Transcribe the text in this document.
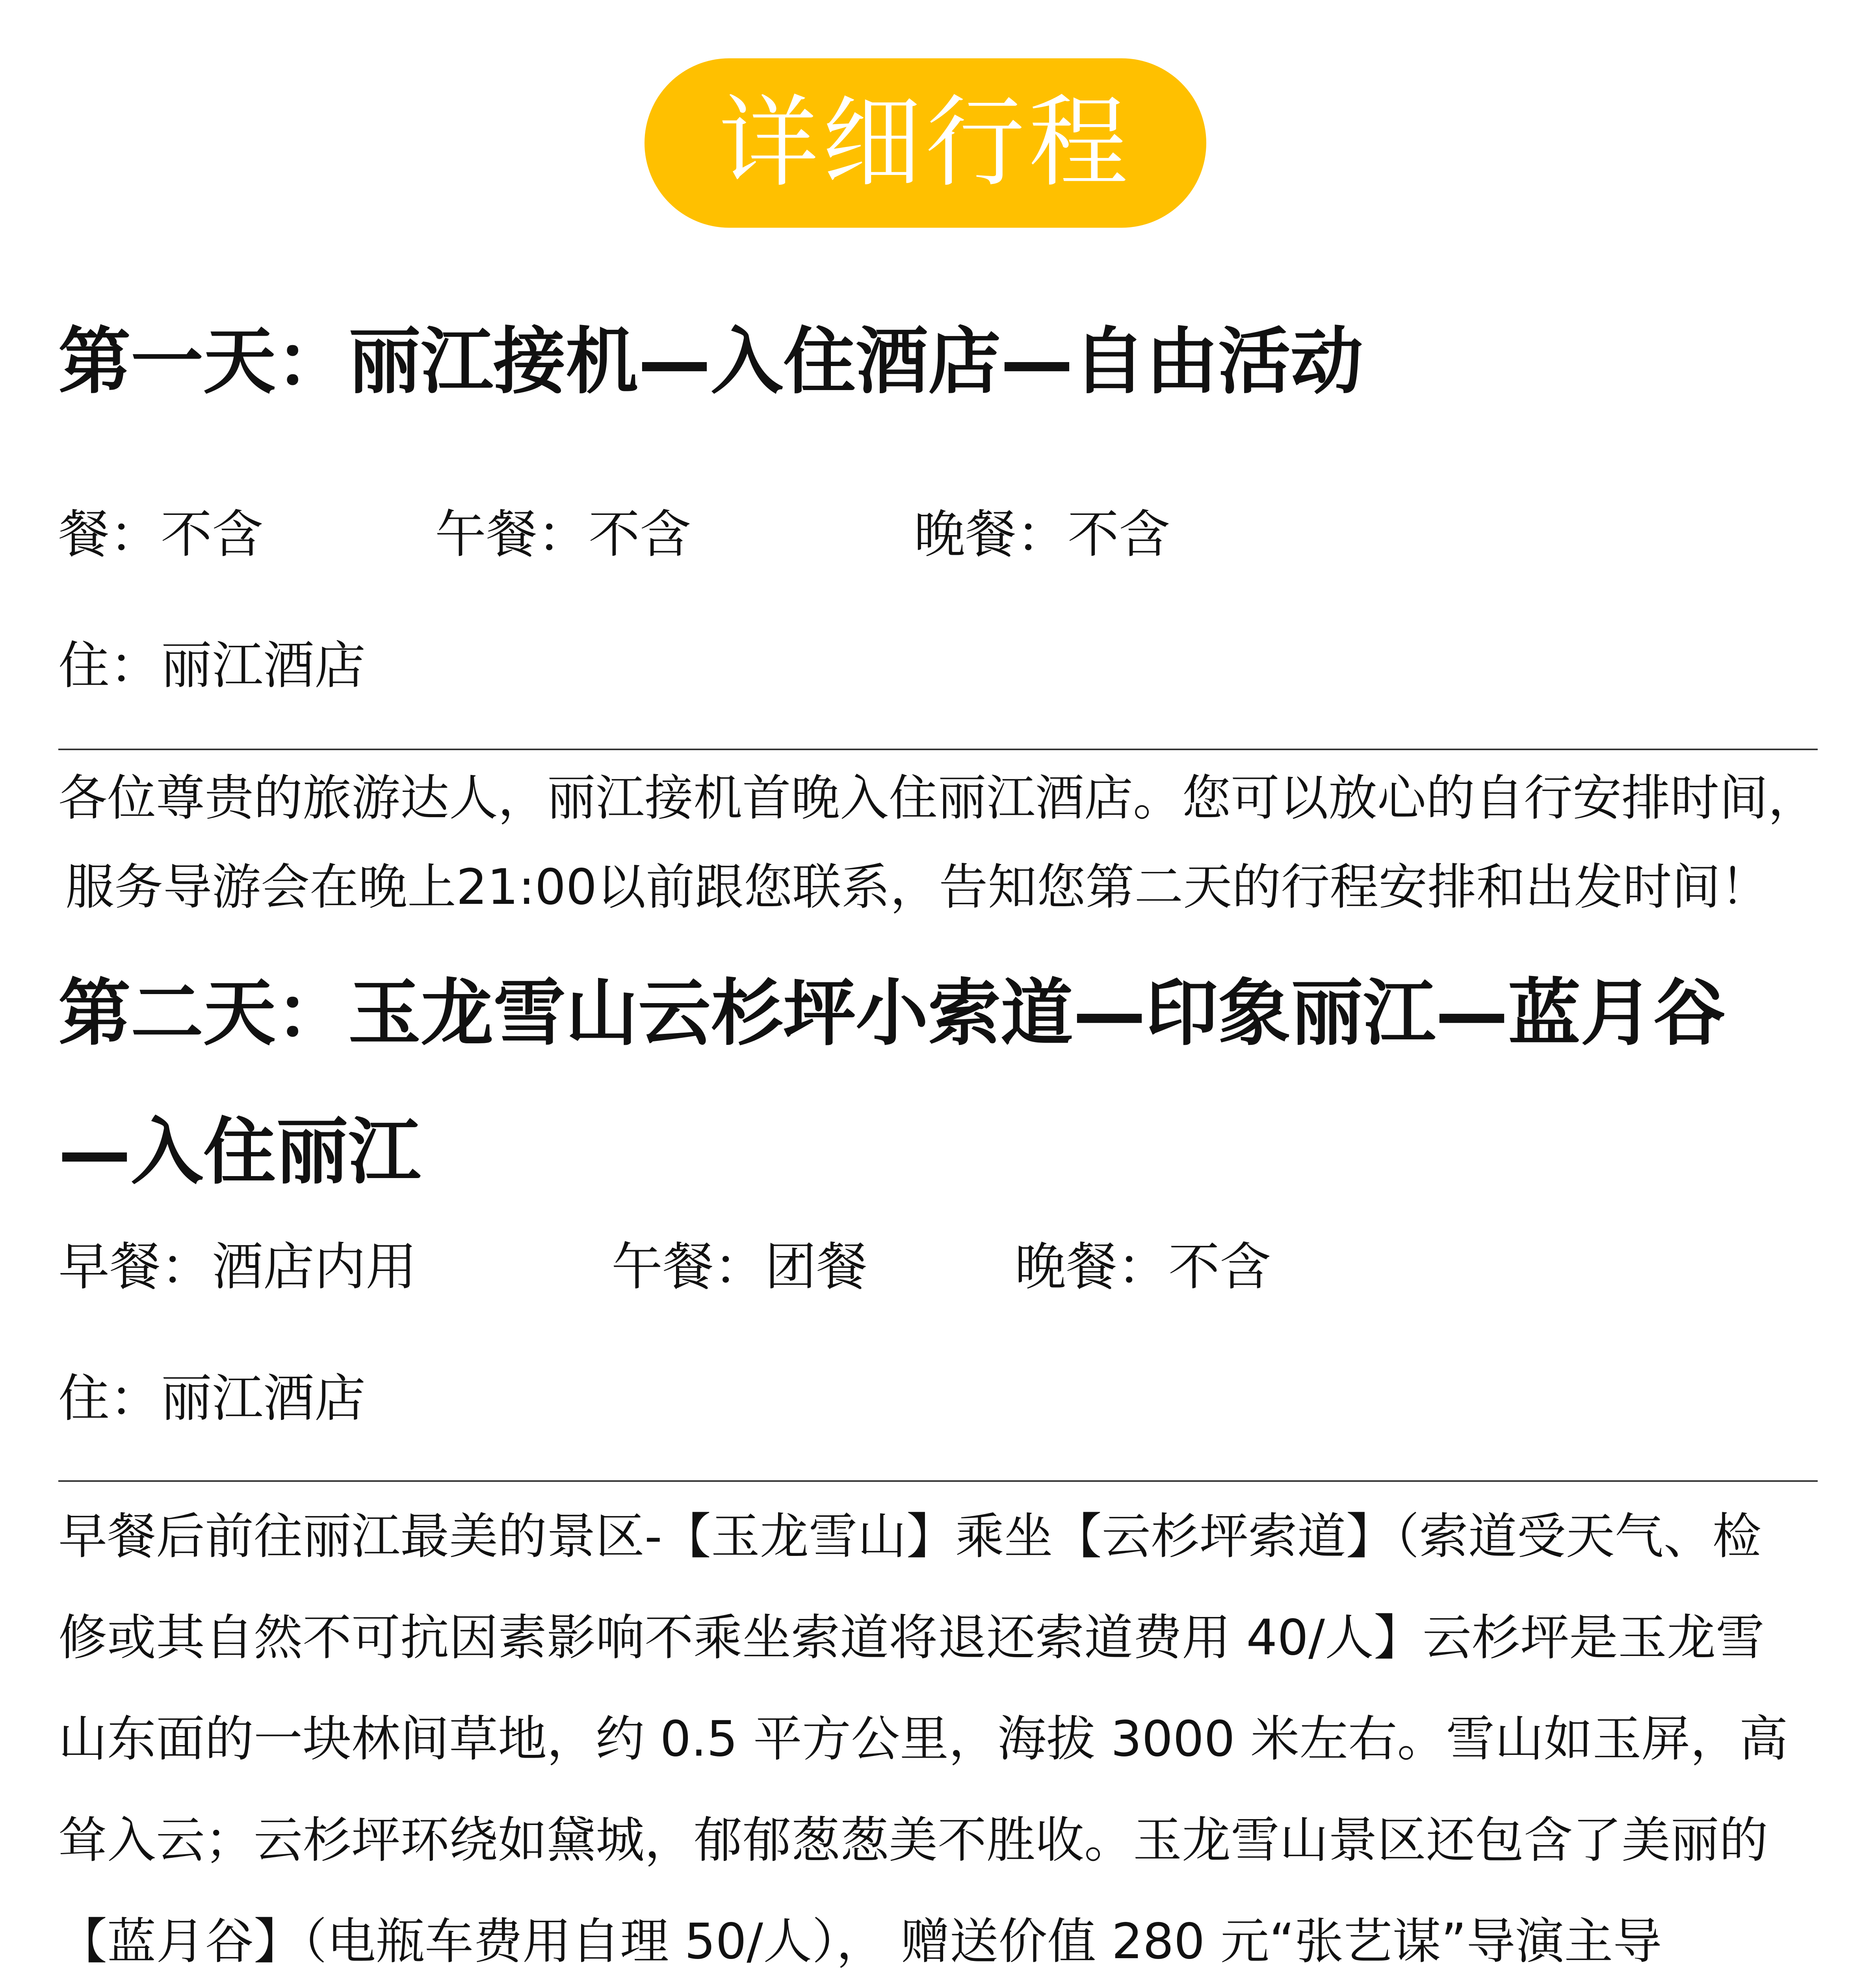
详细行程
第一天：丽江接机—入住酒店—自由活动
餐：不含	午餐：不含	晚餐：不含
住：丽江酒店
各位尊贵的旅游达人，丽江接机首晚入住丽江酒店。您可以放心的自行安排时间，
服务导游会在晚上21:00以前跟您联系，告知您第二天的行程安排和出发时间！
第二天：玉龙雪山云杉坪小索道—印象丽江—蓝月谷
—入住丽江
早餐：酒店内用	午餐：团餐	晚餐：不含
住：丽江酒店
早餐后前往丽江最美的景区-【玉龙雪山】乘坐【云杉坪索道】（索道受天气、检
修或其自然不可抗因素影响不乘坐索道将退还索道费用 40/人】云杉坪是玉龙雪
山东面的一块林间草地，约 0.5 平方公里，海拔 3000 米左右。雪山如玉屏，高
耸入云；云杉坪环绕如黛城，郁郁葱葱美不胜收。玉龙雪山景区还包含了美丽的
【蓝月谷】（电瓶车费用自理 50/人）， 赠送价值 280 元“张艺谋”导演主导
